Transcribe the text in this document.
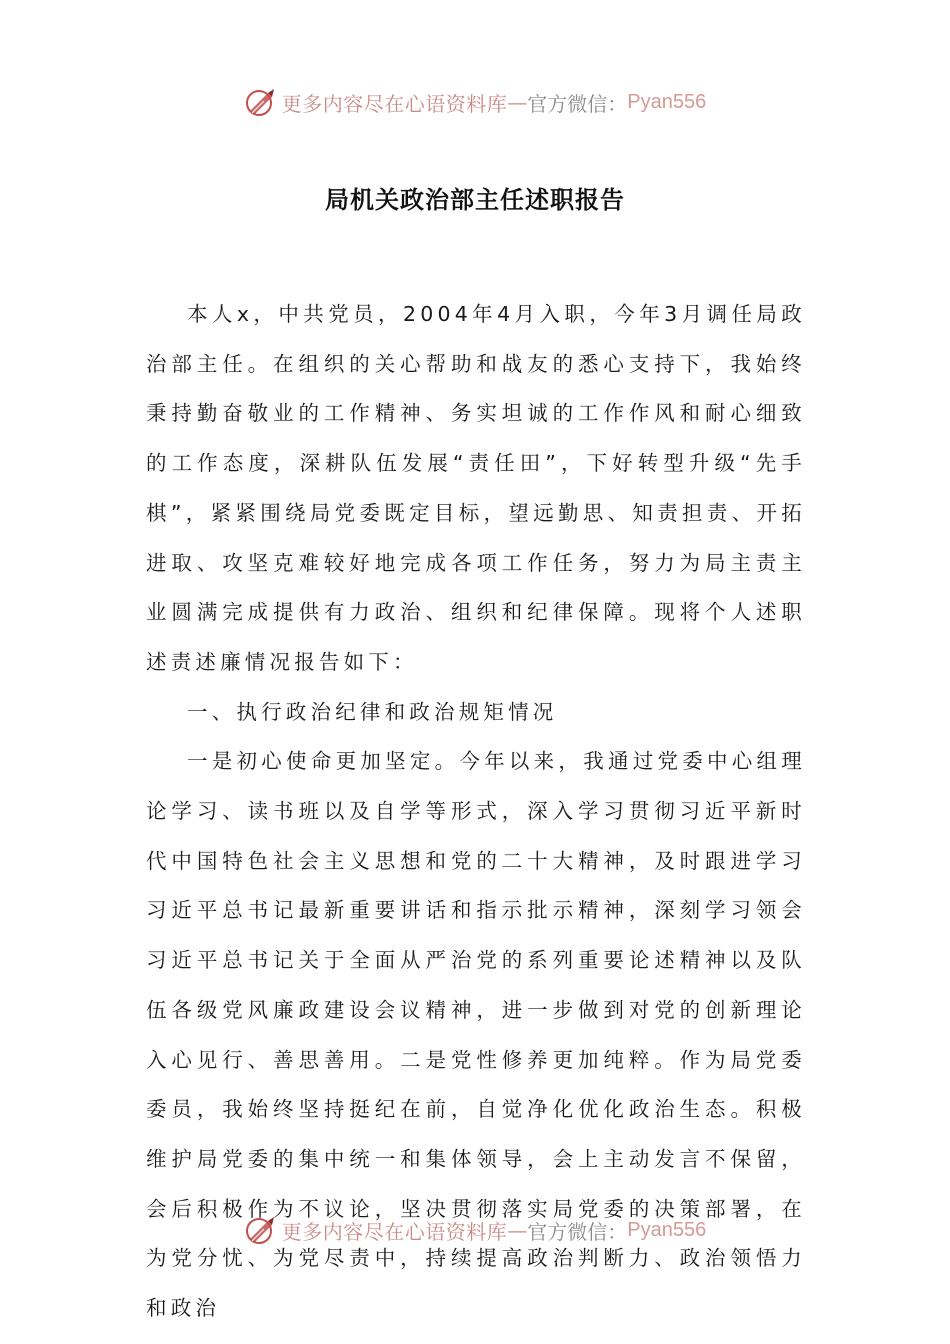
更多内容尽在心语资料库 — 官方微信： Pyan556
局机关政治部主任述职报告

本人x，中共党员，2004年4月入职，今年3月调任局政治部主任。在组织的关心帮助和战友的悉心支持下，我始终秉持勤奋敬业的工作精神、务实坦诚的工作作风和耐心细致的工作态度，深耕队伍发展“责任田”，下好转型升级“先手棋”，紧紧围绕局党委既定目标，望远勤思、知责担责、开拓进取、攻坚克难较好地完成各项工作任务，努力为局主责主业圆满完成提供有力政治、组织和纪律保障。现将个人述职述责述廉情况报告如下：

一、执行政治纪律和政治规矩情况

一是初心使命更加坚定。今年以来，我通过党委中心组理论学习、读书班以及自学等形式，深入学习贯彻习近平新时代中国特色社会主义思想和党的二十大精神，及时跟进学习习近平总书记最新重要讲话和指示批示精神，深刻学习领会习近平总书记关于全面从严治党的系列重要论述精神以及队伍各级党风廉政建设会议精神，进一步做到对党的创新理论入心见行、善思善用。二是党性修养更加纯粹。作为局党委委员，我始终坚持挺纪在前，自觉净化优化政治生态。积极维护局党委的集中统一和集体领导，会上主动发言不保留，会后积极作为不议论，坚决贯彻落实局党委的决策部署，在为党分忧、为党尽责中，持续提高政治判断力、政治领悟力和政治

更多内容尽在心语资料库 — 官方微信： Pyan556
